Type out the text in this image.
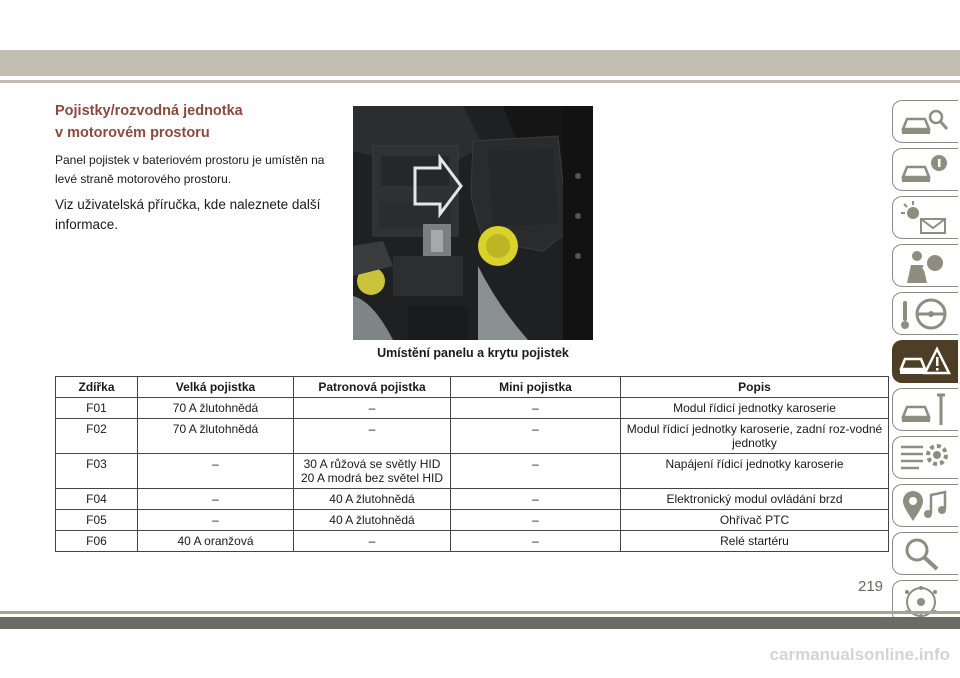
Pojistky/rozvodná jednotka
v motorovém prostoru

Panel pojistek v bateriovém prostoru je umístěn na levé straně motorového prostoru.

Viz uživatelská příručka, kde naleznete další informace.

Umístění panelu a krytu pojistek

Zdířka	Velká pojistka	Patronová pojistka	Mini pojistka	Popis
F01	70 A žlutohnědá	–	–	Modul řídicí jednotky karoserie
F02	70 A žlutohnědá	–	–	Modul řídicí jednotky karoserie, zadní roz-vodné jednotky
F03	–	30 A růžová se světly HID 20 A modrá bez světel HID	–	Napájení řídicí jednotky karoserie
F04	–	40 A žlutohnědá	–	Elektronický modul ovládání brzd
F05	–	40 A žlutohnědá	–	Ohřívač PTC
F06	40 A oranžová	–	–	Relé startéru

219

carmanualsonline.info
